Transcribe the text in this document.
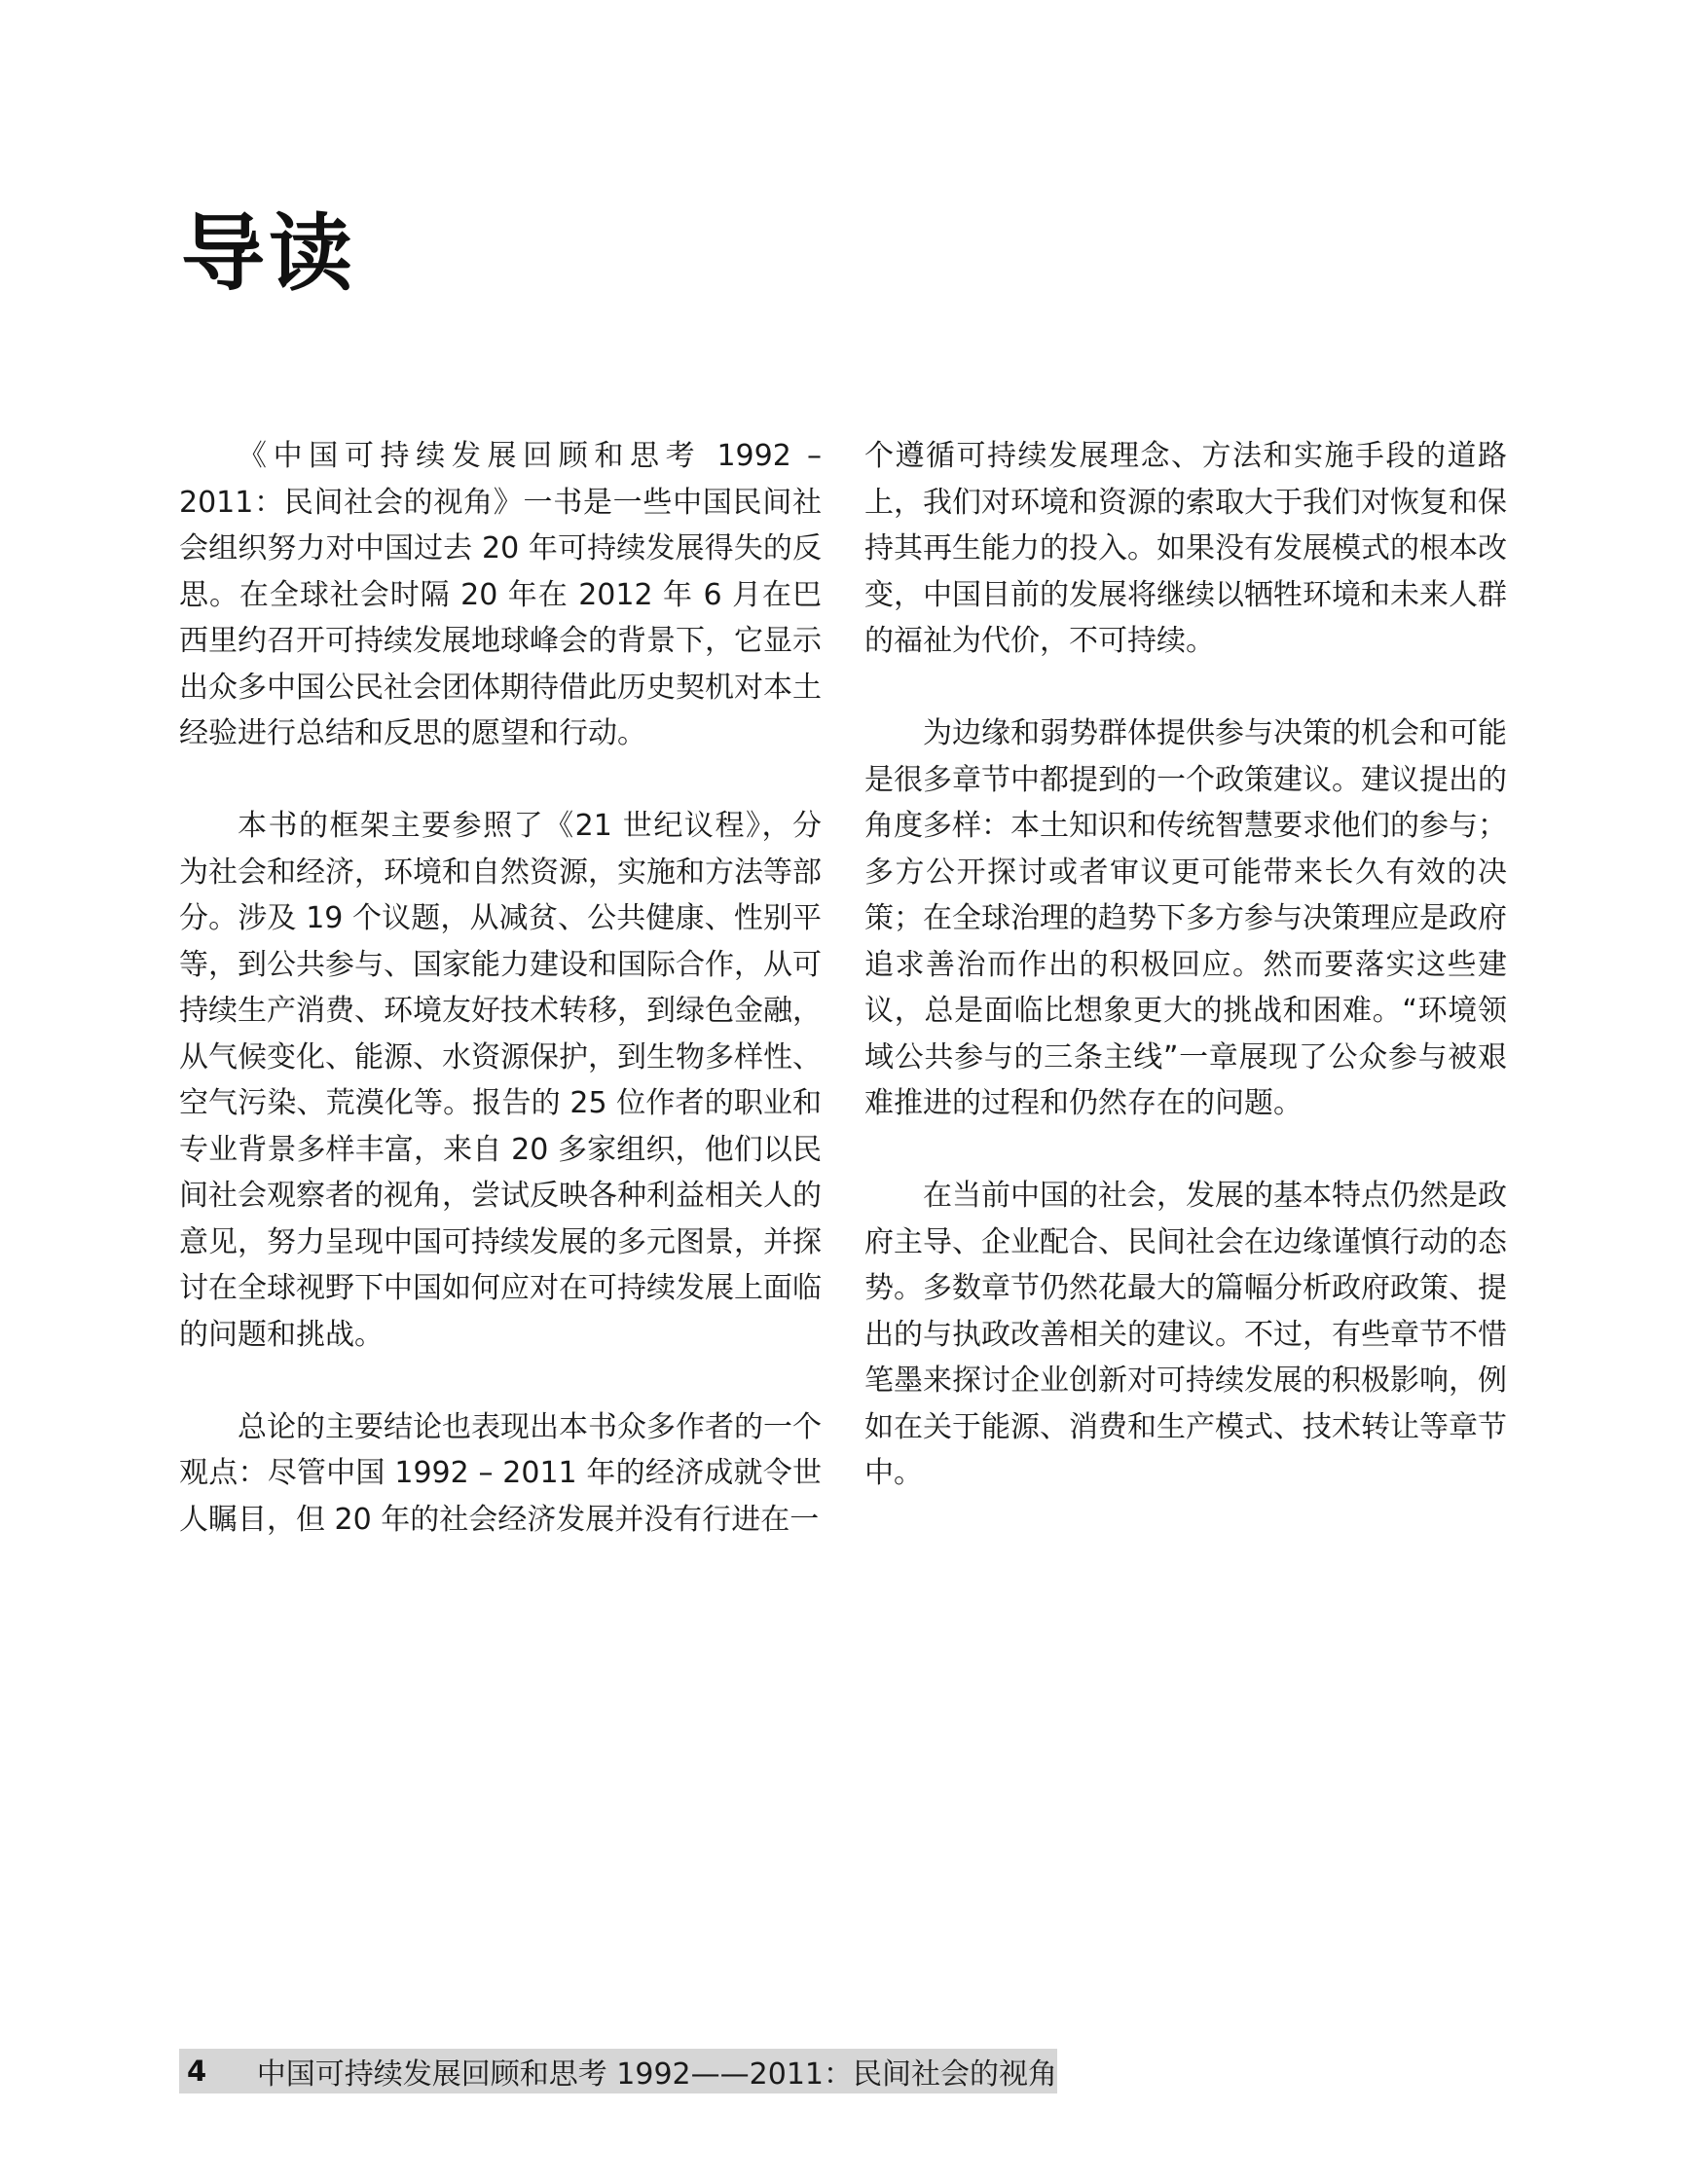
导读

《中国可持续发展回顾和思考 1992 – 2011：民间社会的视角》一书是一些中国民间社会组织努力对中国过去 20 年可持续发展得失的反思。在全球社会时隔 20 年在 2012 年 6 月在巴西里约召开可持续发展地球峰会的背景下，它显示出众多中国公民社会团体期待借此历史契机对本土经验进行总结和反思的愿望和行动。

本书的框架主要参照了《21 世纪议程》，分为社会和经济，环境和自然资源，实施和方法等部分。涉及 19 个议题，从减贫、公共健康、性别平等，到公共参与、国家能力建设和国际合作，从可持续生产消费、环境友好技术转移，到绿色金融，从气候变化、能源、水资源保护，到生物多样性、空气污染、荒漠化等。报告的 25 位作者的职业和专业背景多样丰富，来自 20 多家组织，他们以民间社会观察者的视角，尝试反映各种利益相关人的意见，努力呈现中国可持续发展的多元图景，并探讨在全球视野下中国如何应对在可持续发展上面临的问题和挑战。

总论的主要结论也表现出本书众多作者的一个观点：尽管中国 1992 – 2011 年的经济成就令世人瞩目，但 20 年的社会经济发展并没有行进在一

个遵循可持续发展理念、方法和实施手段的道路上，我们对环境和资源的索取大于我们对恢复和保持其再生能力的投入。如果没有发展模式的根本改变，中国目前的发展将继续以牺牲环境和未来人群的福祉为代价，不可持续。

为边缘和弱势群体提供参与决策的机会和可能是很多章节中都提到的一个政策建议。建议提出的角度多样：本土知识和传统智慧要求他们的参与；多方公开探讨或者审议更可能带来长久有效的决策；在全球治理的趋势下多方参与决策理应是政府追求善治而作出的积极回应。然而要落实这些建议，总是面临比想象更大的挑战和困难。“环境领域公共参与的三条主线”一章展现了公众参与被艰难推进的过程和仍然存在的问题。

在当前中国的社会，发展的基本特点仍然是政府主导、企业配合、民间社会在边缘谨慎行动的态势。多数章节仍然花最大的篇幅分析政府政策、提出的与执政改善相关的建议。不过，有些章节不惜笔墨来探讨企业创新对可持续发展的积极影响，例如在关于能源、消费和生产模式、技术转让等章节中。

4	中国可持续发展回顾和思考 1992——2011：民间社会的视角
